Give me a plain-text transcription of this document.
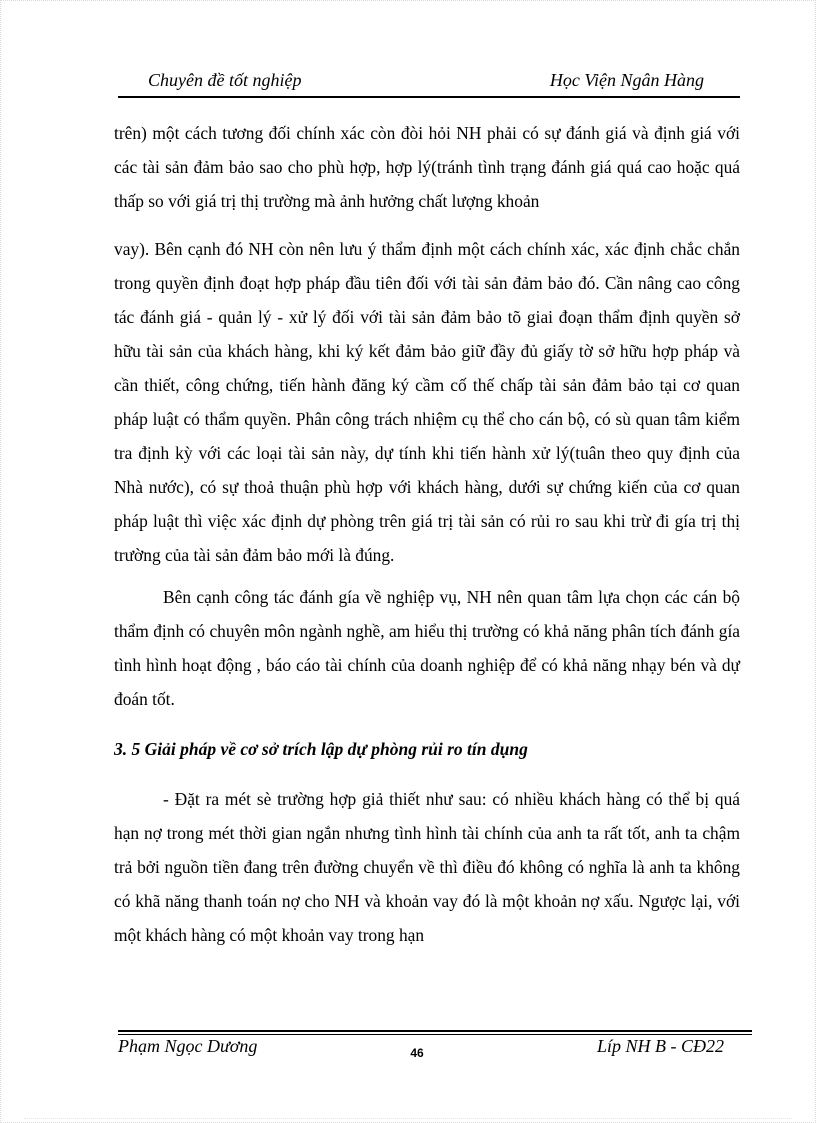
Chuyên đề tốt nghiệp	Học Viện Ngân Hàng

trên) một cách tương đối chính xác còn đòi hỏi NH phải có sự đánh giá và định giá với các tài sản đảm bảo sao cho phù hợp, hợp lý(tránh tình trạng đánh giá quá cao hoặc quá thấp so với giá trị thị trường mà ảnh hưởng chất lượng khoản

vay). Bên cạnh đó NH còn nên lưu ý thẩm định một cách chính xác, xác định chắc chắn trong quyền định đoạt hợp pháp đầu tiên đối với tài sản đảm bảo đó. Cần nâng cao công tác đánh giá - quản lý - xử lý đối với tài sản đảm bảo tõ giai đoạn thẩm định quyền sở hữu tài sản của khách hàng, khi ký kết đảm bảo giữ đầy đủ giấy tờ sở hữu hợp pháp và cần thiết, công chứng, tiến hành đăng ký cầm cố thế chấp tài sản đảm bảo tại cơ quan pháp luật có thẩm quyền. Phân công trách nhiệm cụ thể cho cán bộ, có sù quan tâm kiểm tra định kỳ với các loại tài sản này, dự tính khi tiến hành xử lý(tuân theo quy định của Nhà nước), có sự thoả thuận phù hợp với khách hàng, dưới sự chứng kiến của cơ quan pháp luật thì việc xác định dự phòng trên giá trị tài sản có rủi ro sau khi trừ đi gía trị thị trường của tài sản đảm bảo mới là đúng.

Bên cạnh công tác đánh gía về nghiệp vụ, NH nên quan tâm lựa chọn các cán bộ thẩm định có chuyên môn ngành nghề, am hiểu thị trường có khả năng phân tích đánh gía tình hình hoạt động , báo cáo tài chính của doanh nghiệp để có khả năng nhạy bén và dự đoán tốt.

3. 5 Giải pháp về cơ sở trích lập dự phòng rủi ro tín dụng

- Đặt ra mét sè trường hợp giả thiết như sau: có nhiều khách hàng có thể bị quá hạn nợ trong mét thời gian ngắn nhưng tình hình tài chính của anh ta rất tốt, anh ta chậm trả bởi nguồn tiền đang trên đường chuyển về thì điều đó không có nghĩa là anh ta không có khã năng thanh toán nợ cho NH và khoản vay đó là một khoản nợ xấu. Ngược lại, với một khách hàng có một khoản vay trong hạn

Phạm Ngọc Dương	46	Líp NH B - CĐ22
